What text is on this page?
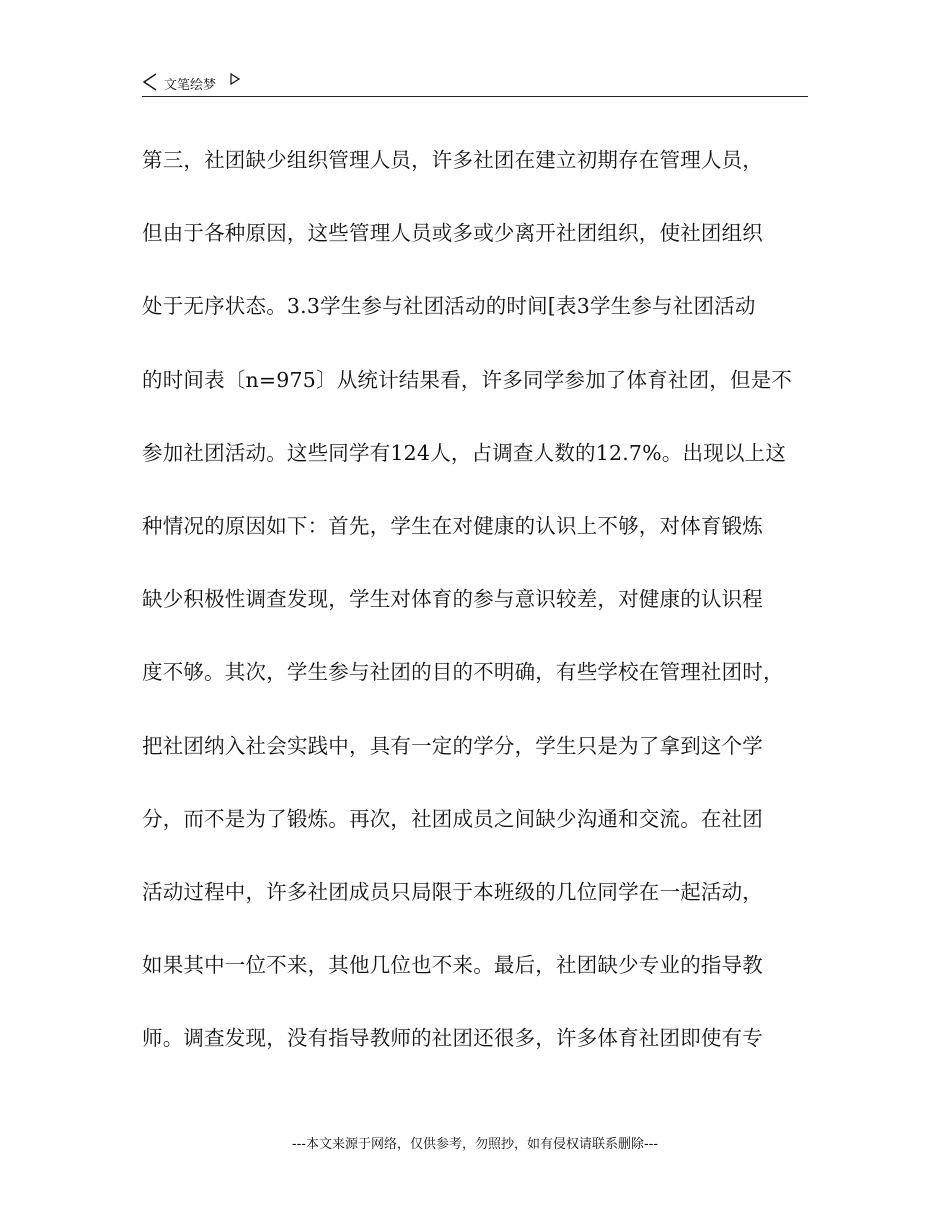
文笔绘梦
第三，社团缺少组织管理人员，许多社团在建立初期存在管理人员，
但由于各种原因，这些管理人员或多或少离开社团组织，使社团组织
处于无序状态。3.3学生参与社团活动的时间[表3学生参与社团活动
的时间表〔n=975〕从统计结果看，许多同学参加了体育社团，但是不
参加社团活动。这些同学有124人，占调查人数的12.7%。出现以上这
种情况的原因如下：首先，学生在对健康的认识上不够，对体育锻炼
缺少积极性调查发现，学生对体育的参与意识较差，对健康的认识程
度不够。其次，学生参与社团的目的不明确，有些学校在管理社团时，
把社团纳入社会实践中，具有一定的学分，学生只是为了拿到这个学
分，而不是为了锻炼。再次，社团成员之间缺少沟通和交流。在社团
活动过程中，许多社团成员只局限于本班级的几位同学在一起活动，
如果其中一位不来，其他几位也不来。最后，社团缺少专业的指导教
师。调查发现，没有指导教师的社团还很多，许多体育社团即使有专
---本文来源于网络，仅供参考，勿照抄，如有侵权请联系删除---
